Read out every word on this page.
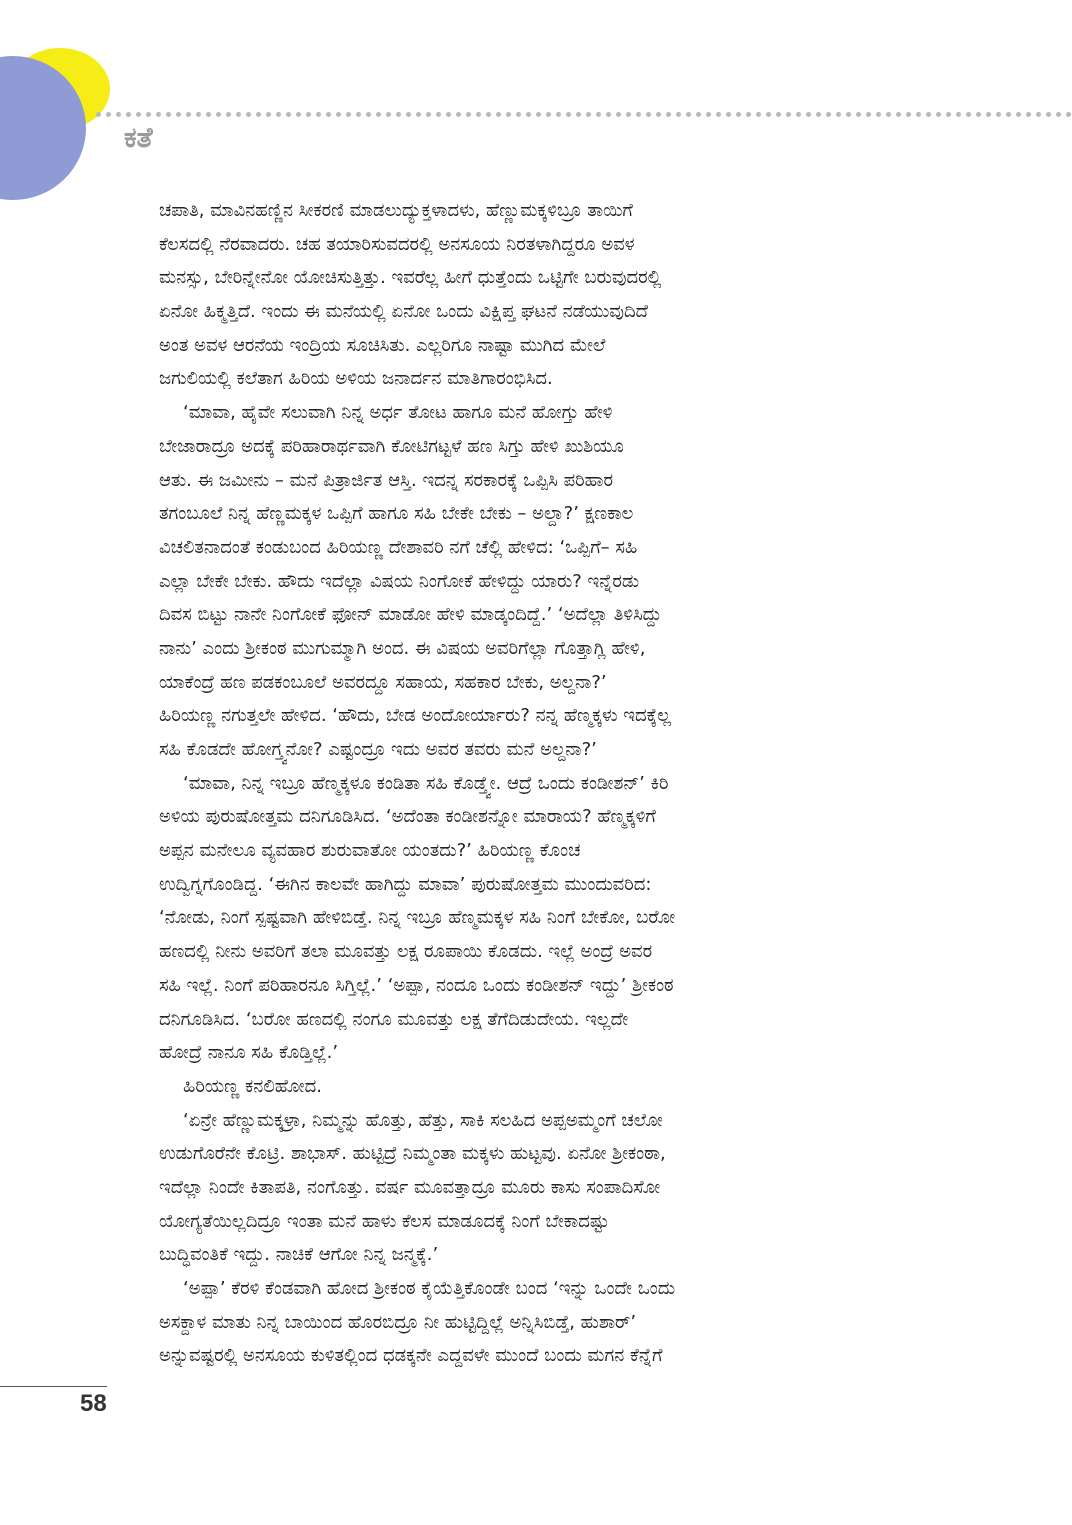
ಕತೆ
ಚಪಾತಿ, ಮಾವಿನಹಣ್ಣಿನ ಸೀಕರಣಿ ಮಾಡಲುದ್ಯುಕ್ತಳಾದಳು, ಹೆಣ್ಣುಮಕ್ಕಳಿಬ್ರೂ ತಾಯಿಗೆ
ಕೆಲಸದಲ್ಲಿ ನೆರವಾದರು. ಚಹ ತಯಾರಿಸುವದರಲ್ಲಿ ಅನಸೂಯ ನಿರತಳಾಗಿದ್ದರೂ ಅವಳ
ಮನಸ್ಸು, ಬೇರಿನ್ನೇನೋ ಯೋಚಿಸುತ್ತಿತ್ತು. ಇವರೆಲ್ಲ ಹೀಗೆ ಧುತ್ತೆಂದು ಒಟ್ಟಿಗೇ ಬರುವುದರಲ್ಲಿ
ಏನೋ ಹಿಕ್ಮತ್ತಿದೆ. ಇಂದು ಈ ಮನೆಯಲ್ಲಿ ಏನೋ ಒಂದು ವಿಕ್ಷಿಪ್ತ ಘಟನೆ ನಡೆಯುವುದಿದೆ
ಅಂತ ಅವಳ ಆರನೆಯ ಇಂದ್ರಿಯ ಸೂಚಿಸಿತು. ಎಲ್ಲರಿಗೂ ನಾಷ್ಟಾ ಮುಗಿದ ಮೇಲೆ
ಜಗುಲಿಯಲ್ಲಿ ಕಲೆತಾಗ ಹಿರಿಯ ಅಳಿಯ ಜನಾರ್ದನ ಮಾತಿಗಾರಂಭಿಸಿದ.
‘ಮಾವಾ, ಹೈವೇ ಸಲುವಾಗಿ ನಿನ್ನ ಅರ್ಧ ತೋಟ ಹಾಗೂ ಮನೆ ಹೋಗ್ತು ಹೇಳಿ
ಬೇಜಾರಾದ್ರೂ ಅದಕ್ಕೆ ಪರಿಹಾರಾರ್ಥವಾಗಿ ಕೋಟಿಗಟ್ಟಳೆ ಹಣ ಸಿಗ್ತು ಹೇಳಿ ಖುಶಿಯೂ
ಆತು. ಈ ಜಮೀನು – ಮನೆ ಪಿತ್ರಾರ್ಜಿತ ಆಸ್ತಿ. ಇದನ್ನ ಸರಕಾರಕ್ಕೆ ಒಪ್ಪಿಸಿ ಪರಿಹಾರ
ತಗಂಬೂಲೆ ನಿನ್ನ ಹೆಣ್ಣಮಕ್ಕಳ ಒಪ್ಪಿಗೆ ಹಾಗೂ ಸಹಿ ಬೇಕೇ ಬೇಕು – ಅಲ್ದಾ?’ ಕ್ಷಣಕಾಲ
ವಿಚಲಿತನಾದಂತೆ ಕಂಡುಬಂದ ಹಿರಿಯಣ್ಣ ದೇಶಾವರಿ ನಗೆ ಚೆಲ್ಲಿ ಹೇಳಿದ: ‘ಒಪ್ಪಿಗೆ– ಸಹಿ
ಎಲ್ಲಾ ಬೇಕೇ ಬೇಕು. ಹೌದು ಇದೆಲ್ಲಾ ವಿಷಯ ನಿಂಗೋಕೆ ಹೇಳಿದ್ದು ಯಾರು? ಇನ್ನೆರಡು
ದಿವಸ ಬಿಟ್ಟು ನಾನೇ ನಿಂಗೋಕೆ ಫೋನ್ ಮಾಡೋ ಹೇಳಿ ಮಾಡ್ಕಂದಿದ್ದೆ.’ ‘ಅದೆಲ್ಲಾ ತಿಳಿಸಿದ್ದು
ನಾನು’ ಎಂದು ಶ್ರೀಕಂಠ ಮುಗುಮ್ಮಾಗಿ ಅಂದ. ಈ ವಿಷಯ ಅವರಿಗೆಲ್ಲಾ ಗೊತ್ತಾಗ್ಲಿ ಹೇಳಿ,
ಯಾಕೆಂದ್ರೆ ಹಣ ಪಡಕಂಬೂಲೆ ಅವರದ್ದೂ ಸಹಾಯ, ಸಹಕಾರ ಬೇಕು, ಅಲ್ದನಾ?’
ಹಿರಿಯಣ್ಣ ನಗುತ್ತಲೇ ಹೇಳಿದ. ‘ಹೌದು, ಬೇಡ ಅಂದೋರ್ಯಾರು? ನನ್ನ ಹೆಣ್ಮಕ್ಕಳು ಇದಕ್ಕೆಲ್ಲ
ಸಹಿ ಕೊಡದೇ ಹೋಗ್ತ್ವನೋ? ಎಷ್ಟಂದ್ರೂ ಇದು ಅವರ ತವರು ಮನೆ ಅಲ್ದನಾ?’
‘ಮಾವಾ, ನಿನ್ನ ಇಬ್ರೂ ಹೆಣ್ಮಕ್ಕಳೂ ಕಂಡಿತಾ ಸಹಿ ಕೊಡ್ತ್ವೇ. ಆದ್ರೆ ಒಂದು ಕಂಡೀಶನ್’ ಕಿರಿ
ಅಳಿಯ ಪುರುಷೋತ್ತಮ ದನಿಗೂಡಿಸಿದ. ‘ಅದೆಂತಾ ಕಂಡೀಶನ್ನೋ ಮಾರಾಯ? ಹೆಣ್ಮಕ್ಕಳಿಗೆ
ಅಪ್ಪನ ಮನೇಲೂ ವ್ಯವಹಾರ ಶುರುವಾತೋ ಯಂತದು?’ ಹಿರಿಯಣ್ಣ ಕೊಂಚ
ಉದ್ವಿಗ್ನಗೊಂಡಿದ್ದ. ‘ಈಗಿನ ಕಾಲವೇ ಹಾಗಿದ್ದು ಮಾವಾ’ ಪುರುಷೋತ್ತಮ ಮುಂದುವರಿದ:
‘ನೋಡು, ನಿಂಗೆ ಸ್ಪಷ್ಟವಾಗಿ ಹೇಳಿಬಿಡ್ತೆ. ನಿನ್ನ ಇಬ್ರೂ ಹೆಣ್ಮಮಕ್ಕಳ ಸಹಿ ನಿಂಗೆ ಬೇಕೋ, ಬರೋ
ಹಣದಲ್ಲಿ ನೀನು ಅವರಿಗೆ ತಲಾ ಮೂವತ್ತು ಲಕ್ಷ ರೂಪಾಯಿ ಕೊಡದು. ಇಲ್ಲೆ ಅಂದ್ರೆ ಅವರ
ಸಹಿ ಇಲ್ಲೆ. ನಿಂಗೆ ಪರಿಹಾರನೂ ಸಿಗ್ತಿಲ್ಲೆ.’ ‘ಅಪ್ಪಾ, ನಂದೂ ಒಂದು ಕಂಡೀಶನ್ ಇದ್ದು’ ಶ್ರೀಕಂಠ
ದನಿಗೂಡಿಸಿದ. ‘ಬರೋ ಹಣದಲ್ಲಿ ನಂಗೂ ಮೂವತ್ತು ಲಕ್ಷ ತೆಗೆದಿಡುದೇಯ. ಇಲ್ಲದೇ
ಹೋದ್ರೆ ನಾನೂ ಸಹಿ ಕೊಡ್ತಿಲ್ಲೆ.’
ಹಿರಿಯಣ್ಣ ಕನಲಿಹೋದ.
‘ಏನ್ರೇ ಹೆಣ್ಣುಮಕ್ಕಳ್ರಾ, ನಿಮ್ಮನ್ನು ಹೊತ್ತು, ಹೆತ್ತು, ಸಾಕಿ ಸಲಹಿದ ಅಪ್ಪಅಮ್ಮಂಗೆ ಚಲೋ
ಉಡುಗೊರೆನೇ ಕೊಟ್ರಿ. ಶಾಭಾಸ್. ಹುಟ್ಟಿದ್ರೆ ನಿಮ್ಮಂತಾ ಮಕ್ಕಳು ಹುಟ್ಟವು. ಏನೋ ಶ್ರೀಕಂಠಾ,
ಇದೆಲ್ಲಾ ನಿಂದೇ ಕಿತಾಪತಿ, ನಂಗೊತ್ತು. ವರ್ಷ ಮೂವತ್ತಾದ್ರೂ ಮೂರು ಕಾಸು ಸಂಪಾದಿಸೋ
ಯೋಗ್ಯತೆಯಿಲ್ಲದಿದ್ರೂ ಇಂತಾ ಮನೆ ಹಾಳು ಕೆಲಸ ಮಾಡೂದಕ್ಕೆ ನಿಂಗೆ ಬೇಕಾದಷ್ಟು
ಬುದ್ಧಿವಂತಿಕೆ ಇದ್ದು. ನಾಚಿಕೆ ಆಗೋ ನಿನ್ನ ಜನ್ಮಕ್ಕೆ.’
‘ಅಪ್ಪಾ’ ಕೆರಳಿ ಕೆಂಡವಾಗಿ ಹೋದ ಶ್ರೀಕಂಠ ಕೈಯೆತ್ತಿಕೊಂಡೇ ಬಂದ ‘ಇನ್ನು ಒಂದೇ ಒಂದು
ಅಸಕ್ದಾಳ ಮಾತು ನಿನ್ನ ಬಾಯಿಂದ ಹೊರಬಿದ್ರೂ ನೀ ಹುಟ್ಟಿದ್ದಿಲ್ಲೆ ಅನ್ನಿಸಿಬಿಡ್ತೆ, ಹುಶಾರ್’
ಅನ್ನುವಷ್ಟರಲ್ಲಿ ಅನಸೂಯ ಕುಳಿತಲ್ಲಿಂದ ಧಡಕ್ಕನೇ ಎದ್ದವಳೇ ಮುಂದೆ ಬಂದು ಮಗನ ಕೆನ್ನೆಗೆ
58
